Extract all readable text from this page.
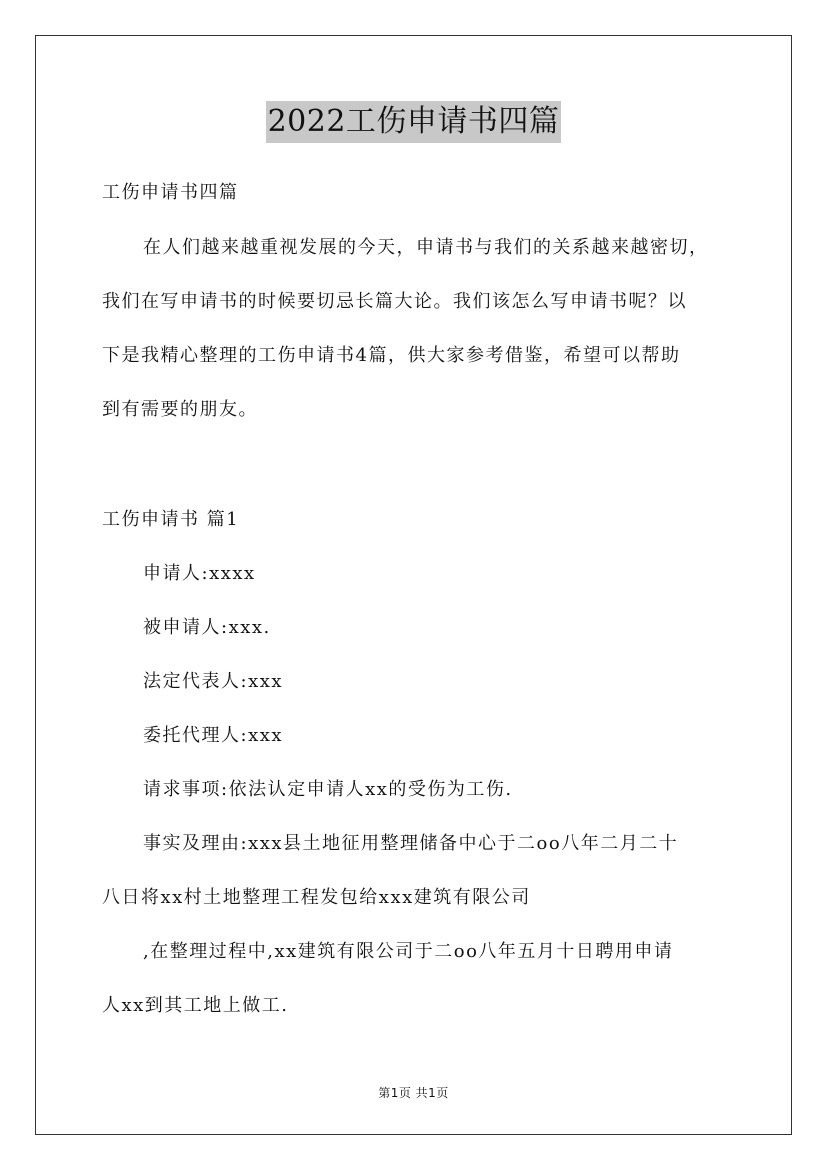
2022工伤申请书四篇
工伤申请书四篇
在人们越来越重视发展的今天，申请书与我们的关系越来越密切，
我们在写申请书的时候要切忌长篇大论。我们该怎么写申请书呢？以
下是我精心整理的工伤申请书4篇，供大家参考借鉴，希望可以帮助
到有需要的朋友。
工伤申请书 篇1
申请人:xxxx
被申请人:xxx.
法定代表人:xxx
委托代理人:xxx
请求事项:依法认定申请人xx的受伤为工伤.
事实及理由:xxx县土地征用整理储备中心于二oo八年二月二十
八日将xx村土地整理工程发包给xxx建筑有限公司
,在整理过程中,xx建筑有限公司于二oo八年五月十日聘用申请
人xx到其工地上做工.
第1页 共1页
